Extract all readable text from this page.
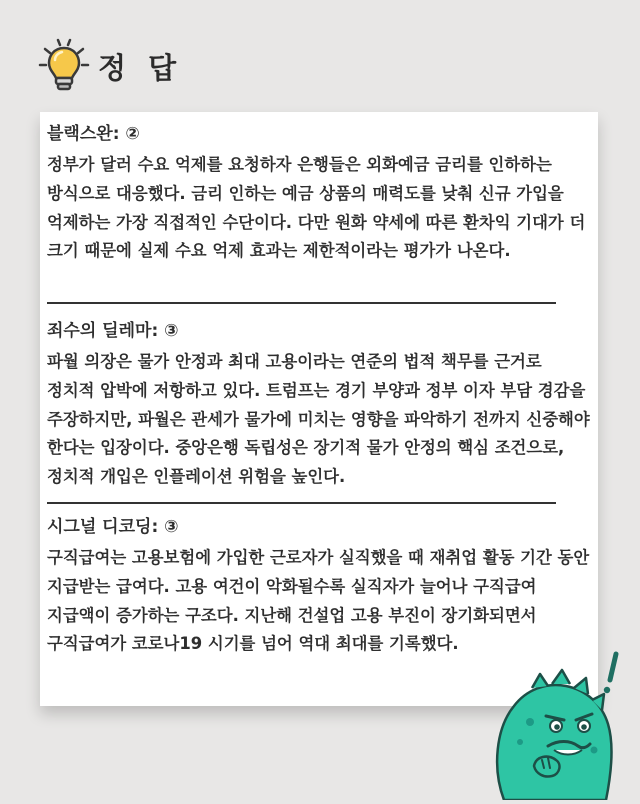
정 답
블랙스완: ②
정부가 달러 수요 억제를 요청하자 은행들은 외화예금 금리를 인하하는 방식으로 대응했다. 금리 인하는 예금 상품의 매력도를 낮춰 신규 가입을 억제하는 가장 직접적인 수단이다. 다만 원화 약세에 따른 환차익 기대가 더 크기 때문에 실제 수요 억제 효과는 제한적이라는 평가가 나온다.
죄수의 딜레마: ③
파월 의장은 물가 안정과 최대 고용이라는 연준의 법적 책무를 근거로 정치적 압박에 저항하고 있다. 트럼프는 경기 부양과 정부 이자 부담 경감을 주장하지만, 파월은 관세가 물가에 미치는 영향을 파악하기 전까지 신중해야 한다는 입장이다. 중앙은행 독립성은 장기적 물가 안정의 핵심 조건으로, 정치적 개입은 인플레이션 위험을 높인다.
시그널 디코딩: ③
구직급여는 고용보험에 가입한 근로자가 실직했을 때 재취업 활동 기간 동안 지급받는 급여다. 고용 여건이 악화될수록 실직자가 늘어나 구직급여 지급액이 증가하는 구조다. 지난해 건설업 고용 부진이 장기화되면서 구직급여가 코로나19 시기를 넘어 역대 최대를 기록했다.
